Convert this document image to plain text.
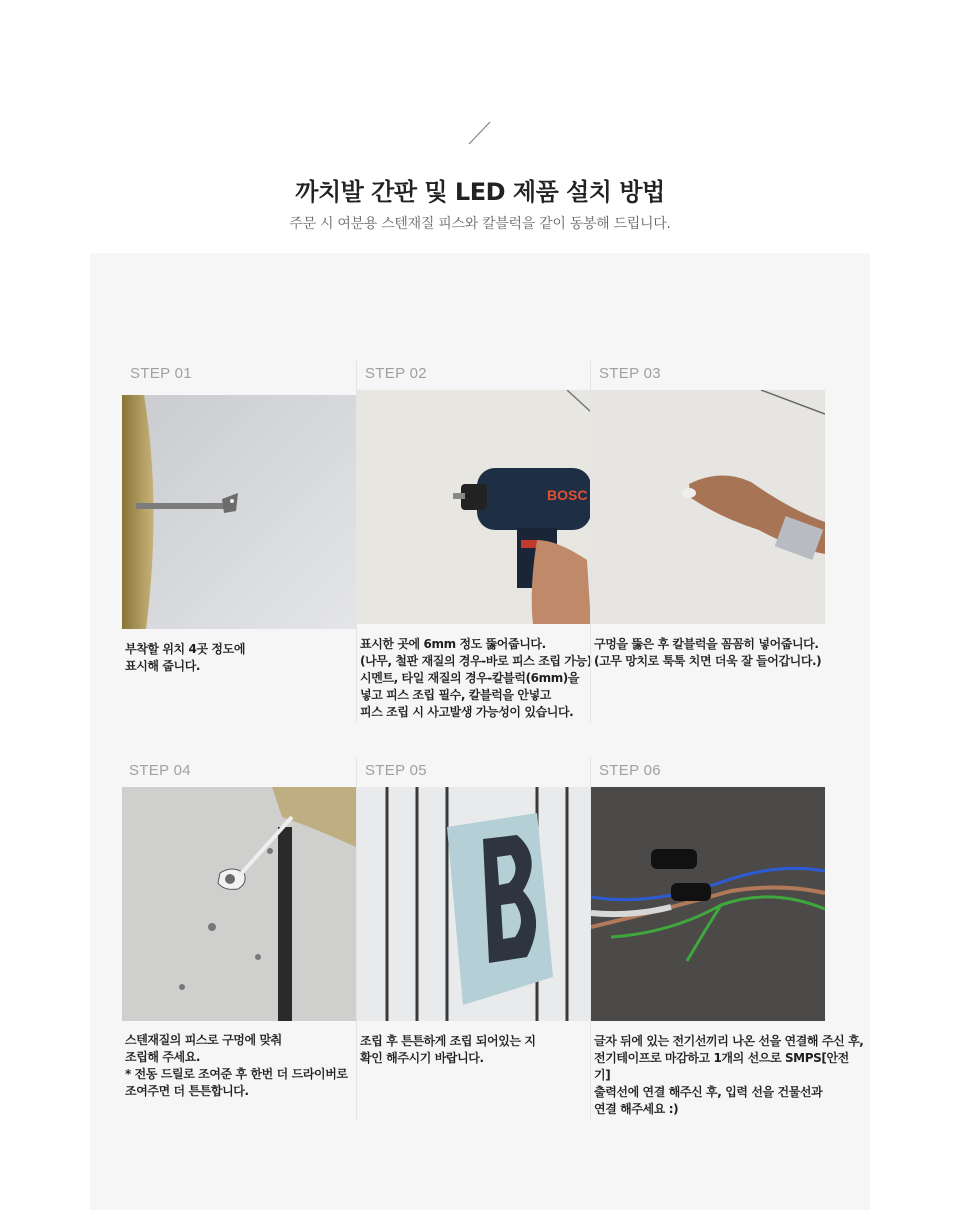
까치발 간판 및 LED 제품 설치 방법

주문 시 여분용 스텐재질 피스와 칼블럭을 같이 동봉해 드립니다.

STEP 01

부착할 위치 4곳 정도에
표시해 줍니다.

STEP 02
BOSC

표시한 곳에 6mm 정도 뚫어줍니다.
(나무, 철판 재질의 경우-바로 피스 조립 가능)
시멘트, 타일 재질의 경우-칼블럭(6mm)을
넣고 피스 조립 필수, 칼블럭을 안넣고
피스 조립 시 사고발생 가능성이 있습니다.

STEP 03

구멍을 뚫은 후 칼블럭을 꼼꼼히 넣어줍니다.
(고무 망치로 툭툭 치면 더욱 잘 들어갑니다.)

STEP 04

스텐재질의 피스로 구멍에 맞춰
조립해 주세요.
* 전동 드릴로 조여준 후 한번 더 드라이버로
조여주면 더 튼튼합니다.

STEP 05

조립 후 튼튼하게 조립 되어있는 지
확인 해주시기 바랍니다.

STEP 06

글자 뒤에 있는 전기선끼리 나온 선을 연결해 주신 후,
전기테이프로 마감하고 1개의 선으로 SMPS[안전기]
출력선에 연결 해주신 후, 입력 선을 건물선과
연결 해주세요 :)
